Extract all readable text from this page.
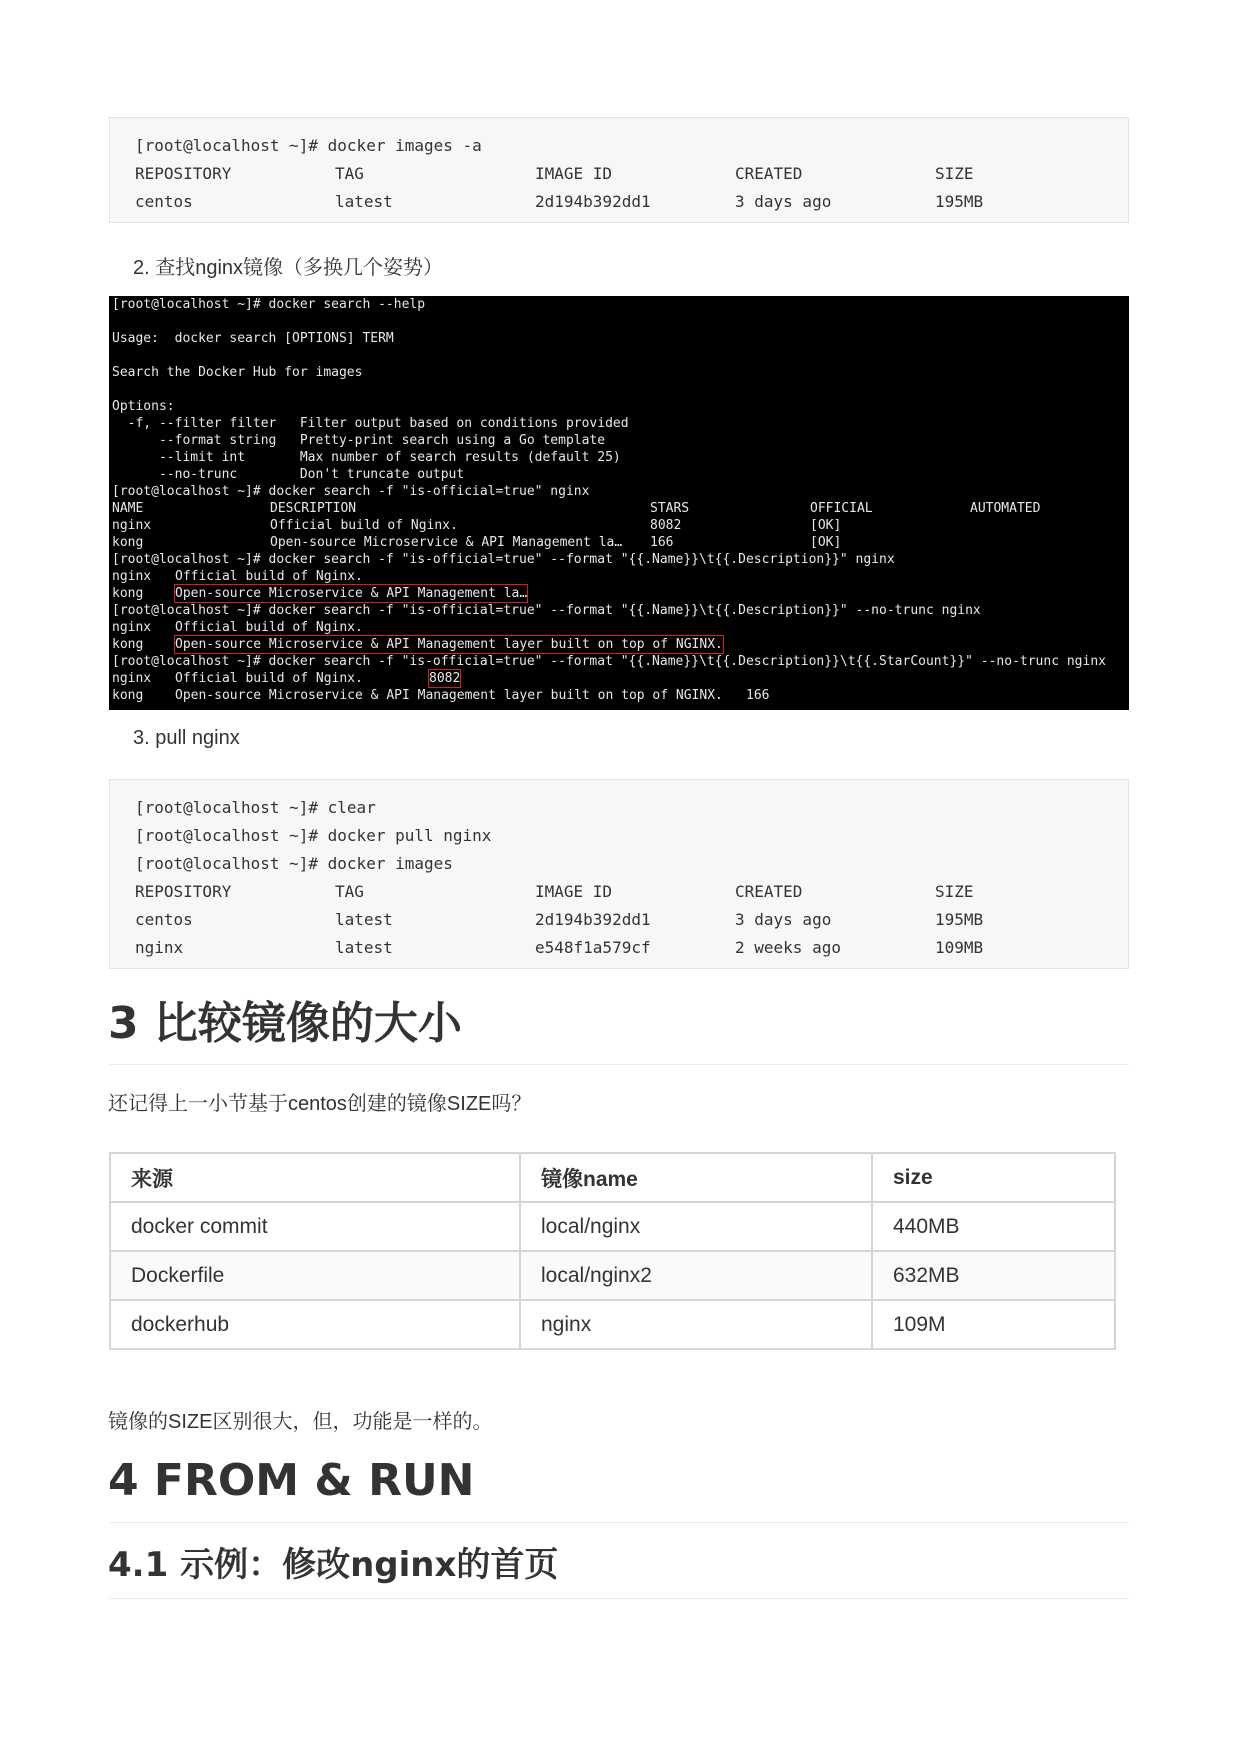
[root@localhost ~]# docker images -a
REPOSITORY	TAG	IMAGE ID	CREATED	SIZE
centos	latest	2d194b392dd1	3 days ago	195MB
2. 查找nginx镜像（多换几个姿势）
[root@localhost ~]# docker search --help
Usage:  docker search [OPTIONS] TERM
Search the Docker Hub for images
Options:
-f, --filter filter   Filter output based on conditions provided
--format string   Pretty-print search using a Go template
--limit int       Max number of search results (default 25)
--no-trunc        Don't truncate output
[root@localhost ~]# docker search -f "is-official=true" nginx
NAME	DESCRIPTION	STARS	OFFICIAL	AUTOMATED
nginx	Official build of Nginx.	8082	[OK]
kong	Open-source Microservice & API Management la… 166	[OK]
[root@localhost ~]# docker search -f "is-official=true" --format "{{.Name}}\t{{.Description}}" nginx
nginx Official build of Nginx.
kong Open-source Microservice & API Management la…
[root@localhost ~]# docker search -f "is-official=true" --format "{{.Name}}\t{{.Description}}" --no-trunc nginx
nginx Official build of Nginx.
kong Open-source Microservice & API Management layer built on top of NGINX.
[root@localhost ~]# docker search -f "is-official=true" --format "{{.Name}}\t{{.Description}}\t{{.StarCount}}" --no-trunc nginx
nginx Official build of Nginx.	8082
kong Open-source Microservice & API Management layer built on top of NGINX. 166
3. pull nginx
[root@localhost ~]# clear
[root@localhost ~]# docker pull nginx
[root@localhost ~]# docker images
REPOSITORY	TAG	IMAGE ID	CREATED	SIZE
centos	latest	2d194b392dd1	3 days ago	195MB
nginx	latest	e548f1a579cf	2 weeks ago	109MB
3 比较镜像的大小

还记得上一小节基于centos创建的镜像SIZE吗？

来源	镜像name	size
docker commit	local/nginx	440MB
Dockerfile	local/nginx2	632MB
dockerhub	nginx	109M

镜像的SIZE区别很大，但，功能是一样的。

4 FROM & RUN
4.1 示例：修改nginx的首页
